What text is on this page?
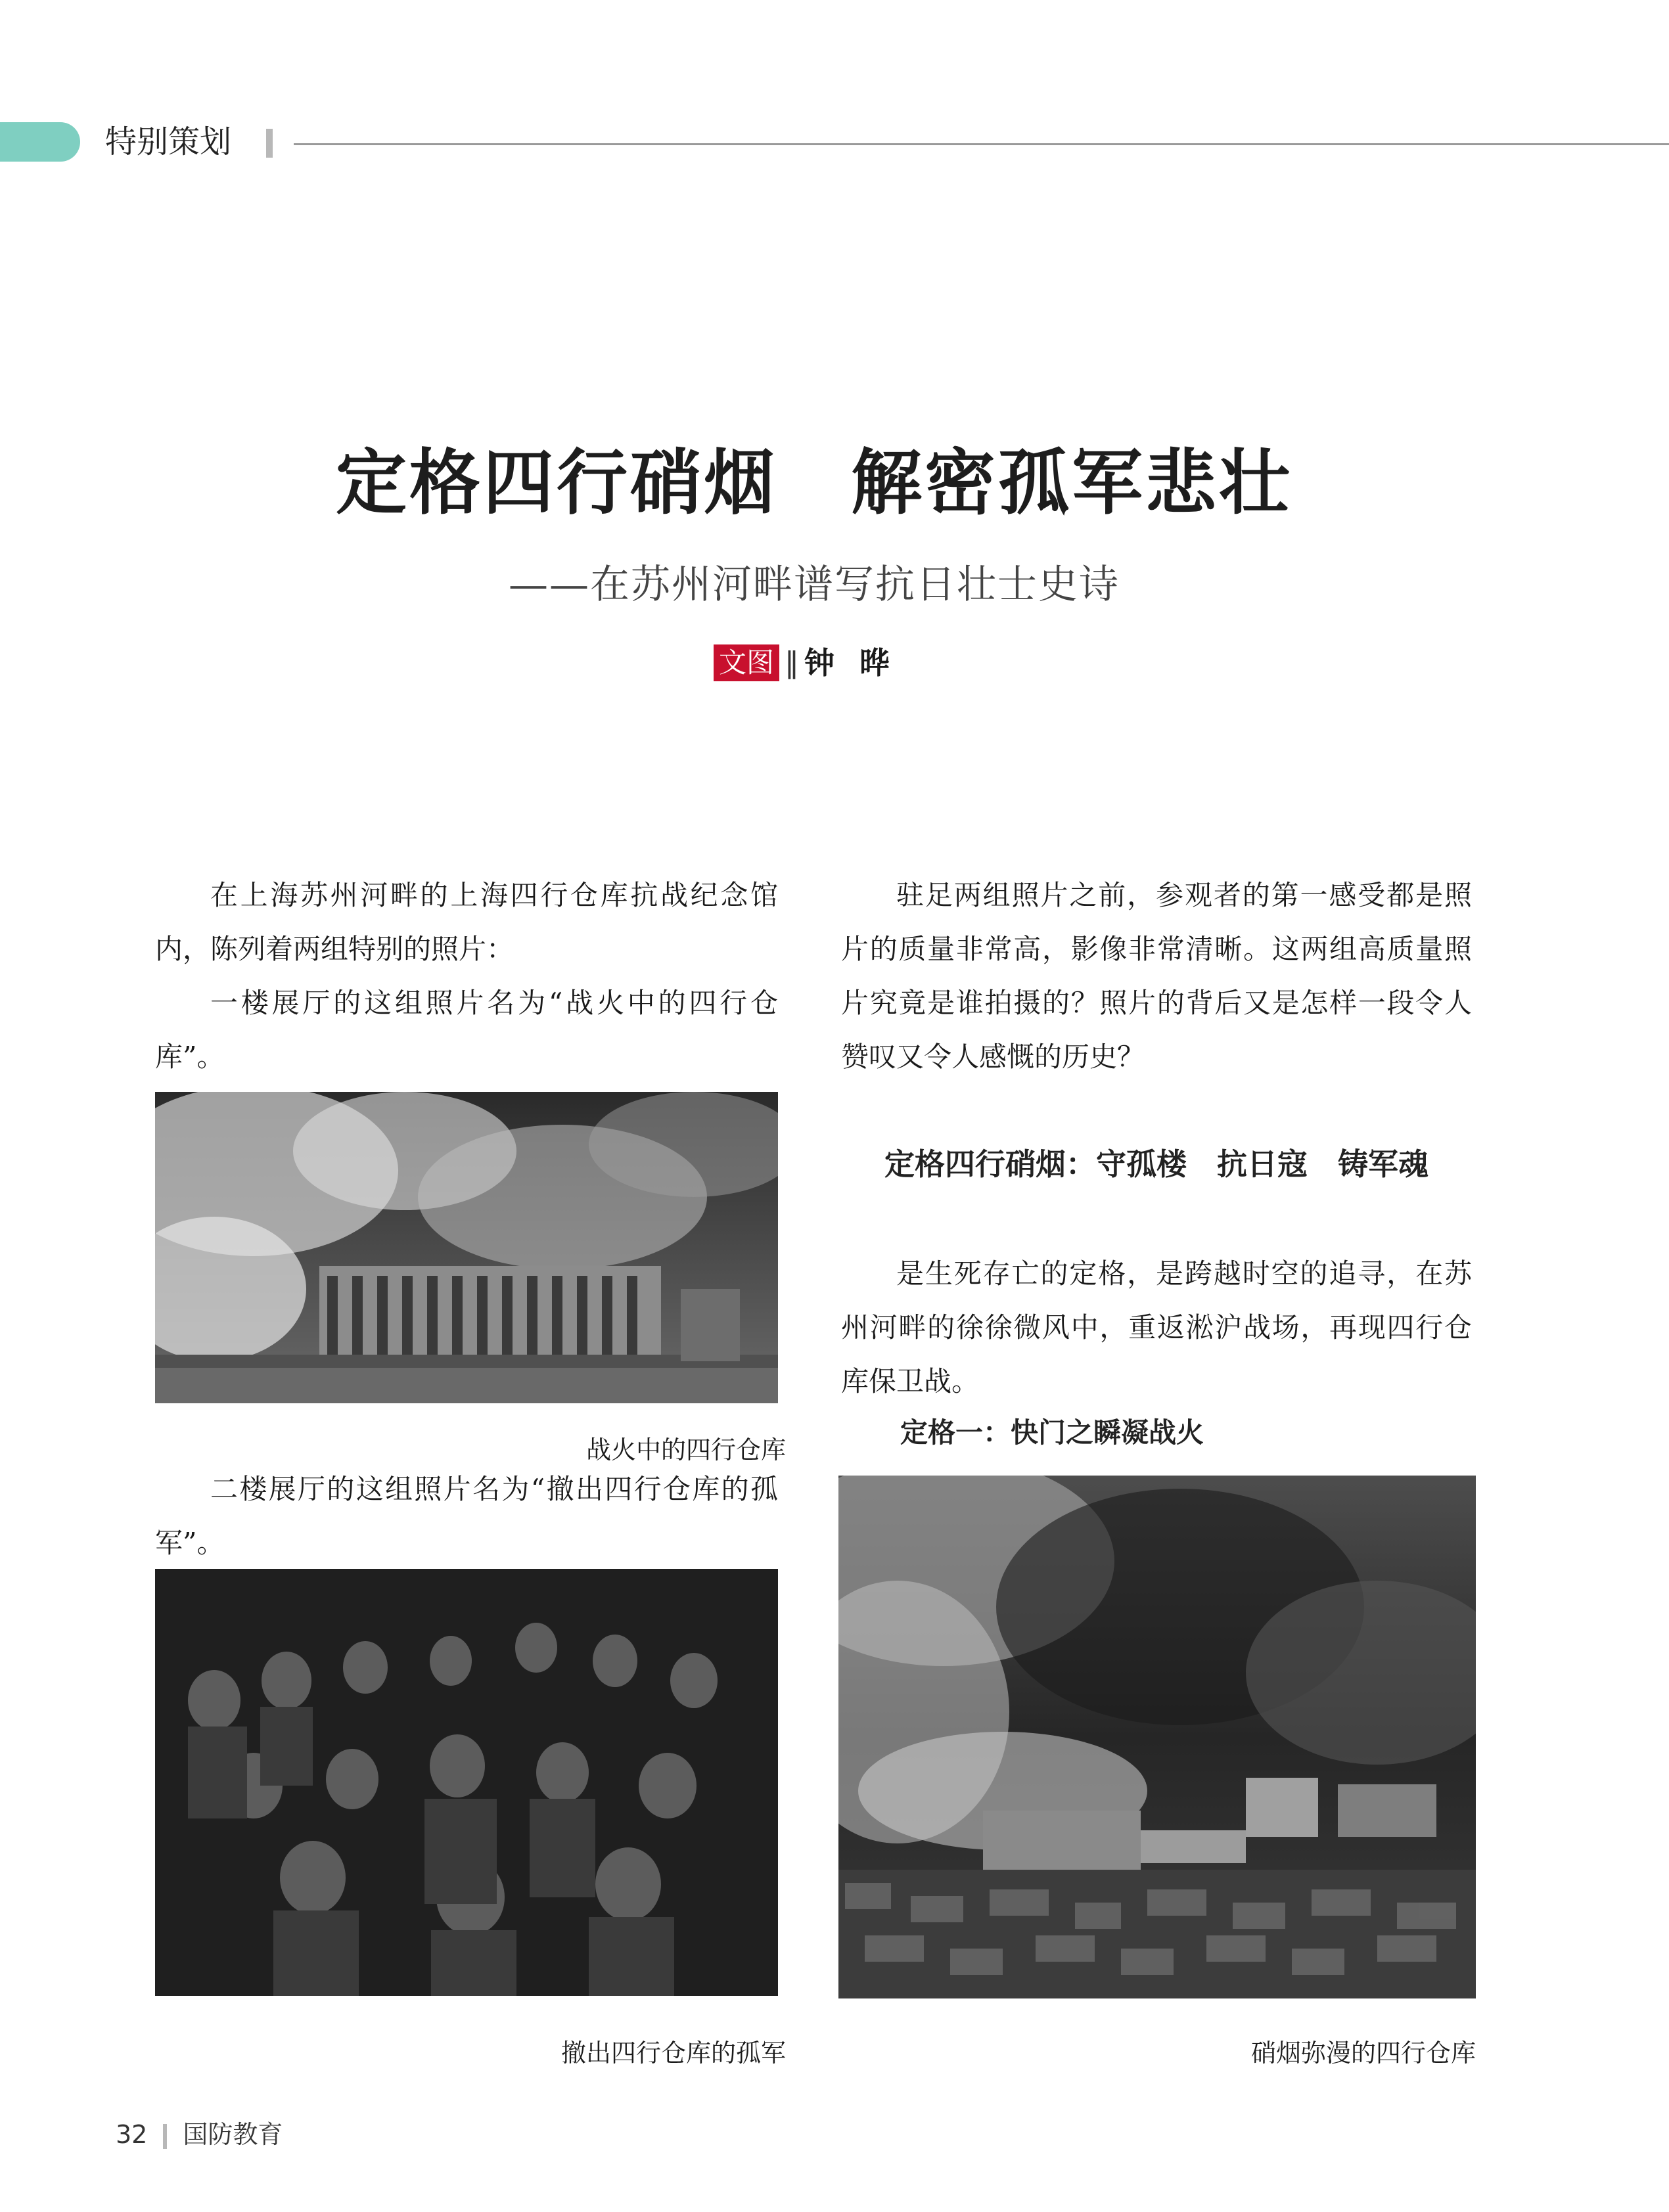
特别策划
定格四行硝烟　解密孤军悲壮
——在苏州河畔谱写抗日壮士史诗
文图 ‖ 钟晔

在上海苏州河畔的上海四行仓库抗战纪念馆内，陈列着两组特别的照片：

一楼展厅的这组照片名为“战火中的四行仓库”。

战火中的四行仓库

二楼展厅的这组照片名为“撤出四行仓库的孤军”。

撤出四行仓库的孤军

驻足两组照片之前，参观者的第一感受都是照片的质量非常高，影像非常清晰。这两组高质量照片究竟是谁拍摄的？照片的背后又是怎样一段令人赞叹又令人感慨的历史？

定格四行硝烟：守孤楼　抗日寇　铸军魂

是生死存亡的定格，是跨越时空的追寻，在苏州河畔的徐徐微风中，重返淞沪战场，再现四行仓库保卫战。

定格一：快门之瞬凝战火
硝烟弥漫的四行仓库
32 国防教育
